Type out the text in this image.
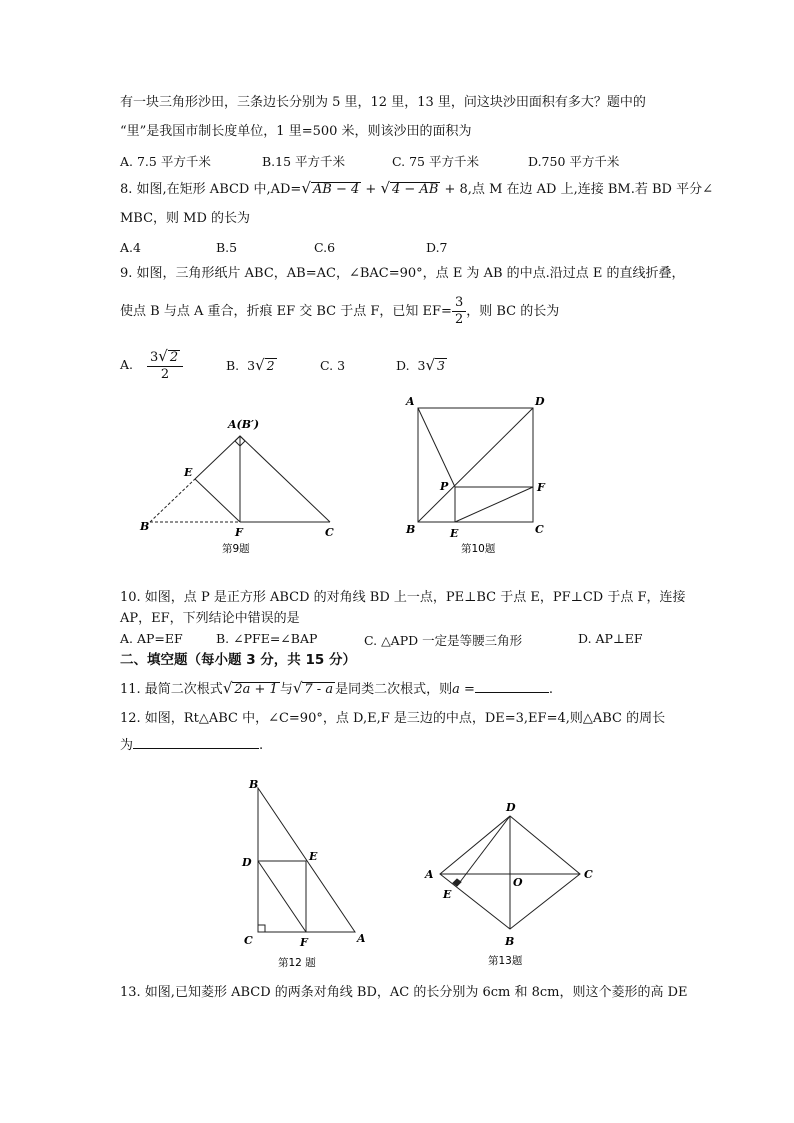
有一块三角形沙田，三条边长分别为 5 里，12 里，13 里，问这块沙田面积有多大？题中的
“里”是我国市制长度单位，1 里=500 米，则该沙田的面积为
A. 7.5 平方千米	B.15 平方千米	C. 75 平方千米	D.750 平方千米
8. 如图,在矩形 ABCD 中,AD=√ AB − 4 + √ 4 − AB + 8,点 M 在边 AD 上,连接 BM.若 BD 平分∠
MBC，则 MD 的长为
A.4	B.5	C.6	D.7
9. 如图，三角形纸片 ABC，AB=AC，∠BAC=90°，点 E 为 AB 的中点.沿过点 E 的直线折叠，
使点 B 与点 A 重合，折痕 EF 交 BC 于点 F，已知 $EF= \frac{3}{2}$ ，则 BC 的长为
A. $\frac{3√ 2}{2}$	B. 3√ 2	C. 3	D. 3√ 3
A(B′)
E
B	F	C
第9题
A	D
P	F
B	E	C
第10题
B
D	E
C	F	A
第12 题
D
A
O
C
E
B
第13题
10. 如图，点 P 是正方形 ABCD 的对角线 BD 上一点，PE⊥BC 于点 E，PF⊥CD 于点 F，连接
AP，EF，下列结论中错误的是
A. AP=EF	B. ∠PFE=∠BAP	C. △APD 一定是等腰三角形	D. AP⊥EF
二、填空题（每小题 3 分，共 15 分）
11. 最简二次根式√ 2a + 1 与√ 7 - a 是同类二次根式，则a =	.
12. 如图，Rt△ABC 中，∠C=90°，点 D,E,F 是三边的中点，DE=3,EF=4,则△ABC 的周长
为	.
13. 如图,已知菱形 ABCD 的两条对角线 BD，AC 的长分别为 6cm 和 8cm，则这个菱形的高 DE
